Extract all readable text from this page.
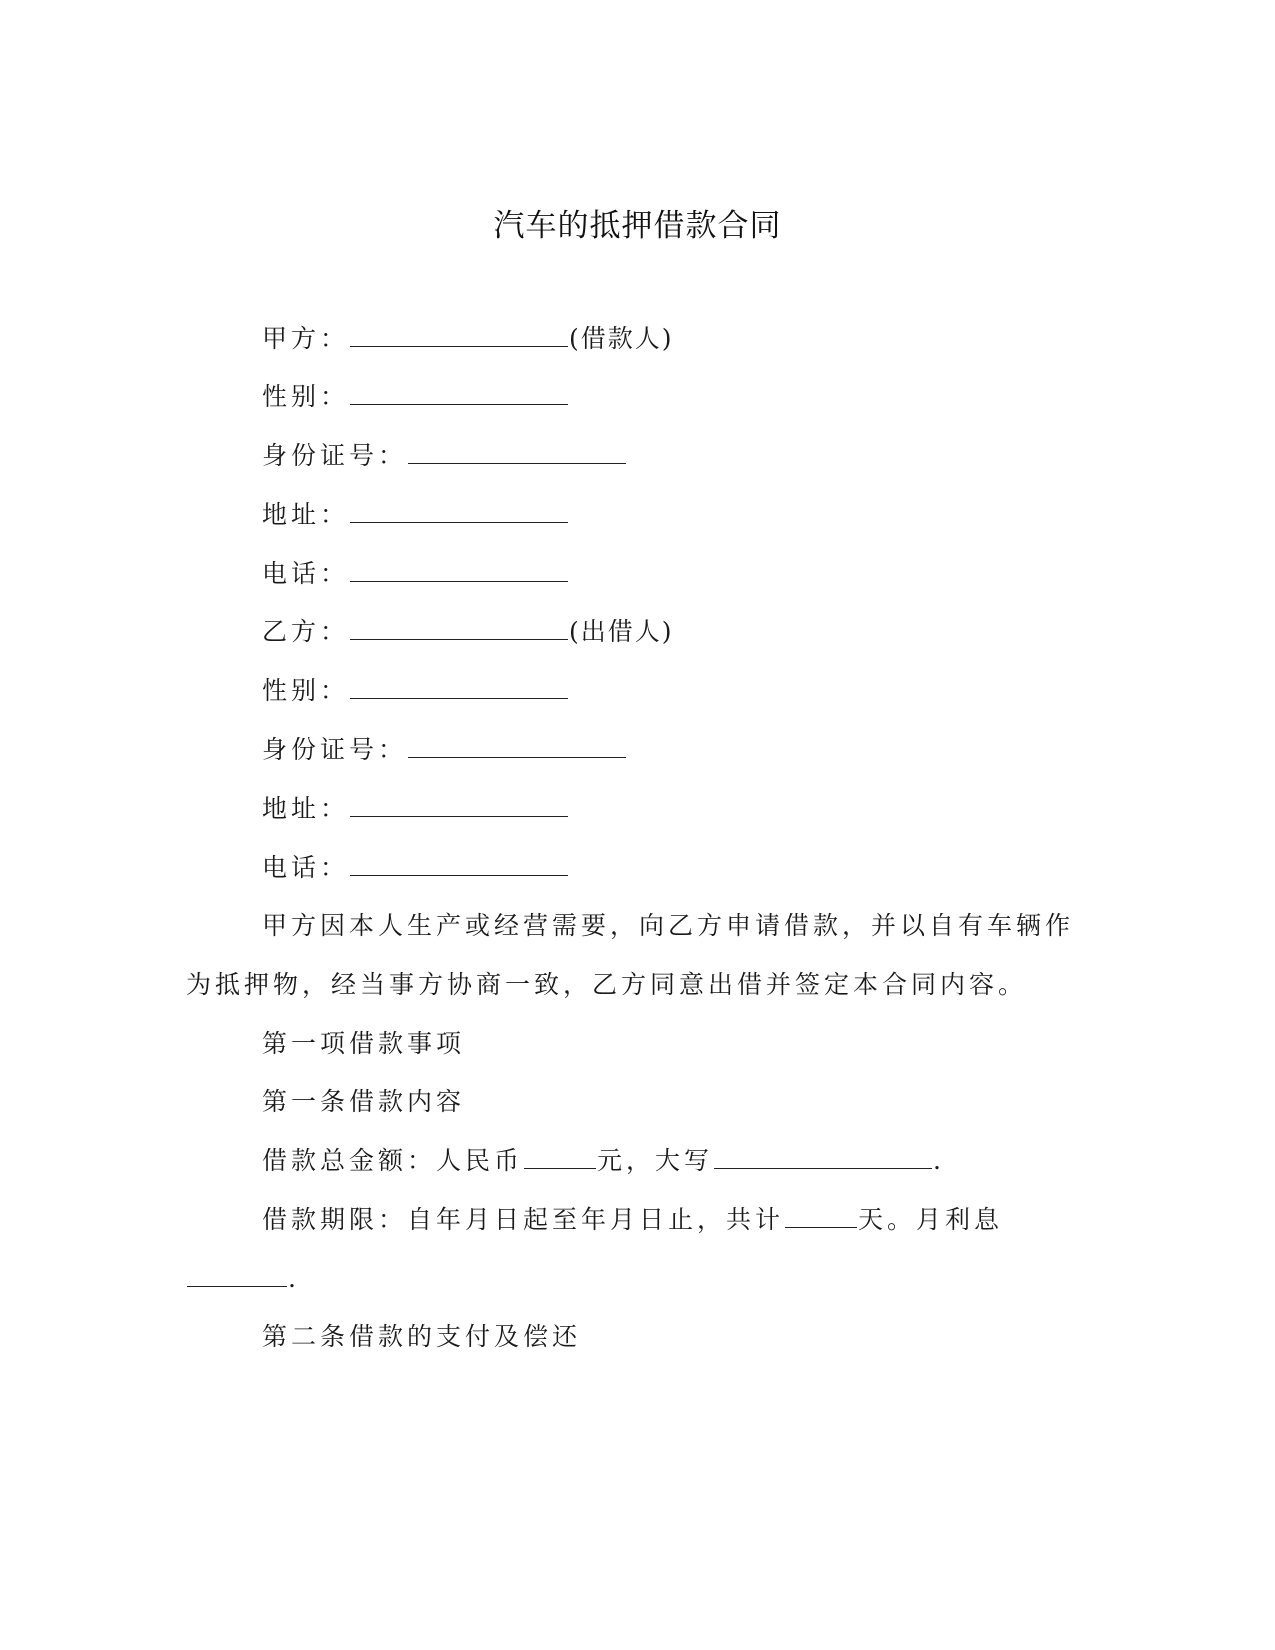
汽车的抵押借款合同
甲方：	(借款人)
性别：
身份证号：
地址：
电话：
乙方：	(出借人)
性别：
身份证号：
地址：
电话：
甲方因本人生产或经营需要，向乙方申请借款，并以自有车辆作
为抵押物，经当事方协商一致，乙方同意出借并签定本合同内容。
第一项借款事项
第一条借款内容
借款总金额：人民币	元，大写	.
借款期限：自年月日起至年月日止，共计	天。月利息
.
第二条借款的支付及偿还
